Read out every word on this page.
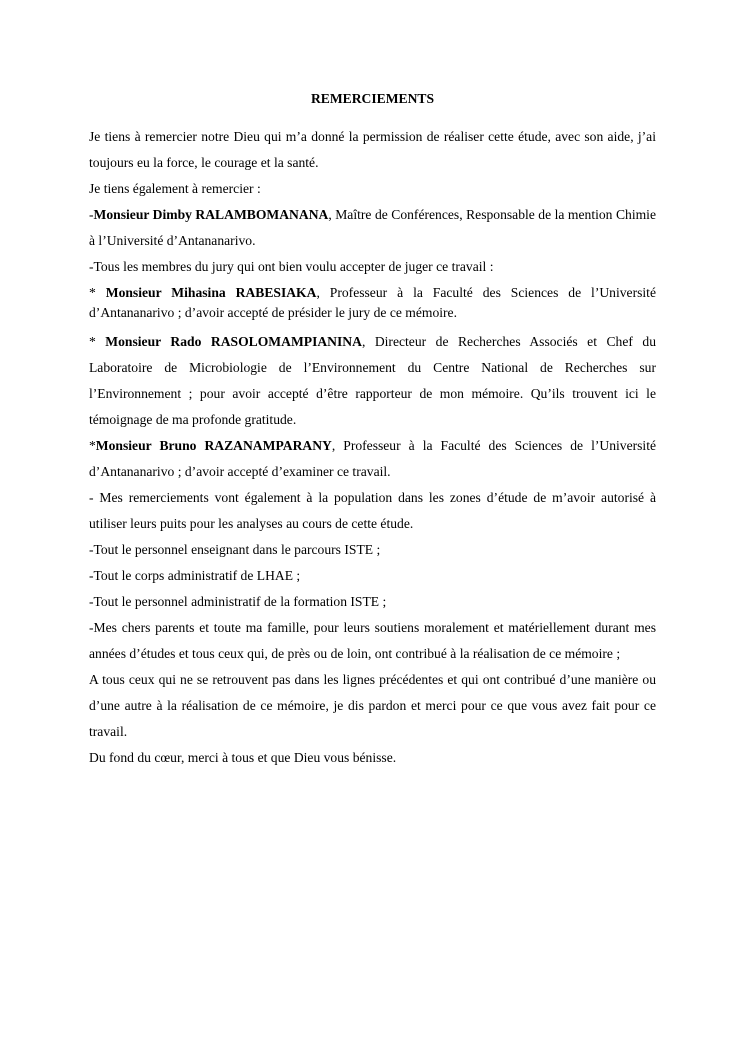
REMERCIEMENTS

Je tiens à remercier notre Dieu qui m’a donné la permission de réaliser cette étude, avec son aide, j’ai toujours eu la force, le courage et la santé.

Je tiens également à remercier :

-Monsieur Dimby RALAMBOMANANA, Maître de Conférences, Responsable de la mention Chimie à l’Université d’Antananarivo.

-Tous les membres du jury qui ont bien voulu accepter de juger ce travail :

* Monsieur Mihasina RABESIAKA, Professeur à la Faculté des Sciences de l’Université d’Antananarivo ; d’avoir accepté de présider le jury de ce mémoire.

* Monsieur Rado RASOLOMAMPIANINA, Directeur de Recherches Associés et Chef du Laboratoire de Microbiologie de l’Environnement du Centre National de Recherches sur l’Environnement ; pour avoir accepté d’être rapporteur de mon mémoire. Qu’ils trouvent ici le témoignage de ma profonde gratitude.

*Monsieur Bruno RAZANAMPARANY, Professeur à la Faculté des Sciences de l’Université d’Antananarivo ; d’avoir accepté d’examiner ce travail.

- Mes remerciements vont également à la population dans les zones d’étude de m’avoir autorisé à utiliser leurs puits pour les analyses au cours de cette étude.

-Tout le personnel enseignant dans le parcours ISTE ;

-Tout le corps administratif de LHAE ;

-Tout le personnel administratif de la formation ISTE ;

-Mes chers parents et toute ma famille, pour leurs soutiens moralement et matériellement durant mes années d’études et tous ceux qui, de près ou de loin, ont contribué à la réalisation de ce mémoire ;

A tous ceux qui ne se retrouvent pas dans les lignes précédentes et qui ont contribué d’une manière ou d’une autre à la réalisation de ce mémoire, je dis pardon et merci pour ce que vous avez fait pour ce travail.

Du fond du cœur, merci à tous et que Dieu vous bénisse.
